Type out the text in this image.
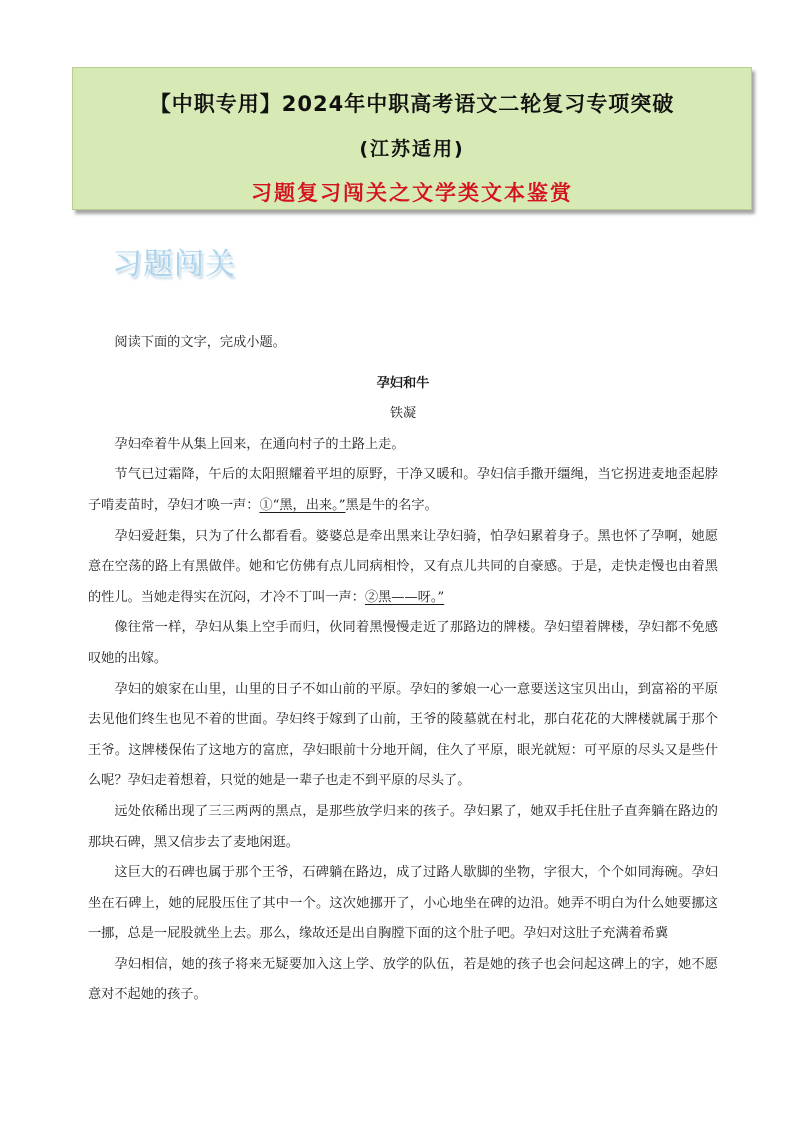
【中职专用】2024年中职高考语文二轮复习专项突破
(江苏适用)
习题复习闯关之文学类文本鉴赏
习题闯关

阅读下面的文字，完成小题。

孕妇和牛

铁凝

孕妇牵着牛从集上回来，在通向村子的土路上走。

节气已过霜降，午后的太阳照耀着平坦的原野，干净又暖和。孕妇信手撒开缰绳，当它拐进麦地歪起脖子啃麦苗时，孕妇才唤一声：①“黑，出来。”黑是牛的名字。

孕妇爱赶集，只为了什么都看看。婆婆总是牵出黑来让孕妇骑，怕孕妇累着身子。黑也怀了孕啊，她愿意在空荡的路上有黑做伴。她和它仿佛有点儿同病相怜，又有点儿共同的自豪感。于是，走快走慢也由着黑的性儿。当她走得实在沉闷，才冷不丁叫一声：②黑——呀。”

像往常一样，孕妇从集上空手而归，伙同着黑慢慢走近了那路边的牌楼。孕妇望着牌楼，孕妇都不免感叹她的出嫁。

孕妇的娘家在山里，山里的日子不如山前的平原。孕妇的爹娘一心一意要送这宝贝出山，到富裕的平原去见他们终生也见不着的世面。孕妇终于嫁到了山前，王爷的陵墓就在村北，那白花花的大牌楼就属于那个王爷。这牌楼保佑了这地方的富庶，孕妇眼前十分地开阔，住久了平原，眼光就短：可平原的尽头又是些什么呢？孕妇走着想着，只觉的她是一辈子也走不到平原的尽头了。

远处依稀出现了三三两两的黑点，是那些放学归来的孩子。孕妇累了，她双手托住肚子直奔躺在路边的那块石碑，黑又信步去了麦地闲逛。

这巨大的石碑也属于那个王爷，石碑躺在路边，成了过路人歇脚的坐物，字很大，个个如同海碗。孕妇坐在石碑上，她的屁股压住了其中一个。这次她挪开了，小心地坐在碑的边沿。她弄不明白为什么她要挪这一挪，总是一屁股就坐上去。那么，缘故还是出自胸膛下面的这个肚子吧。孕妇对这肚子充满着希冀

孕妇相信，她的孩子将来无疑要加入这上学、放学的队伍，若是她的孩子也会问起这碑上的字，她不愿意对不起她的孩子。
